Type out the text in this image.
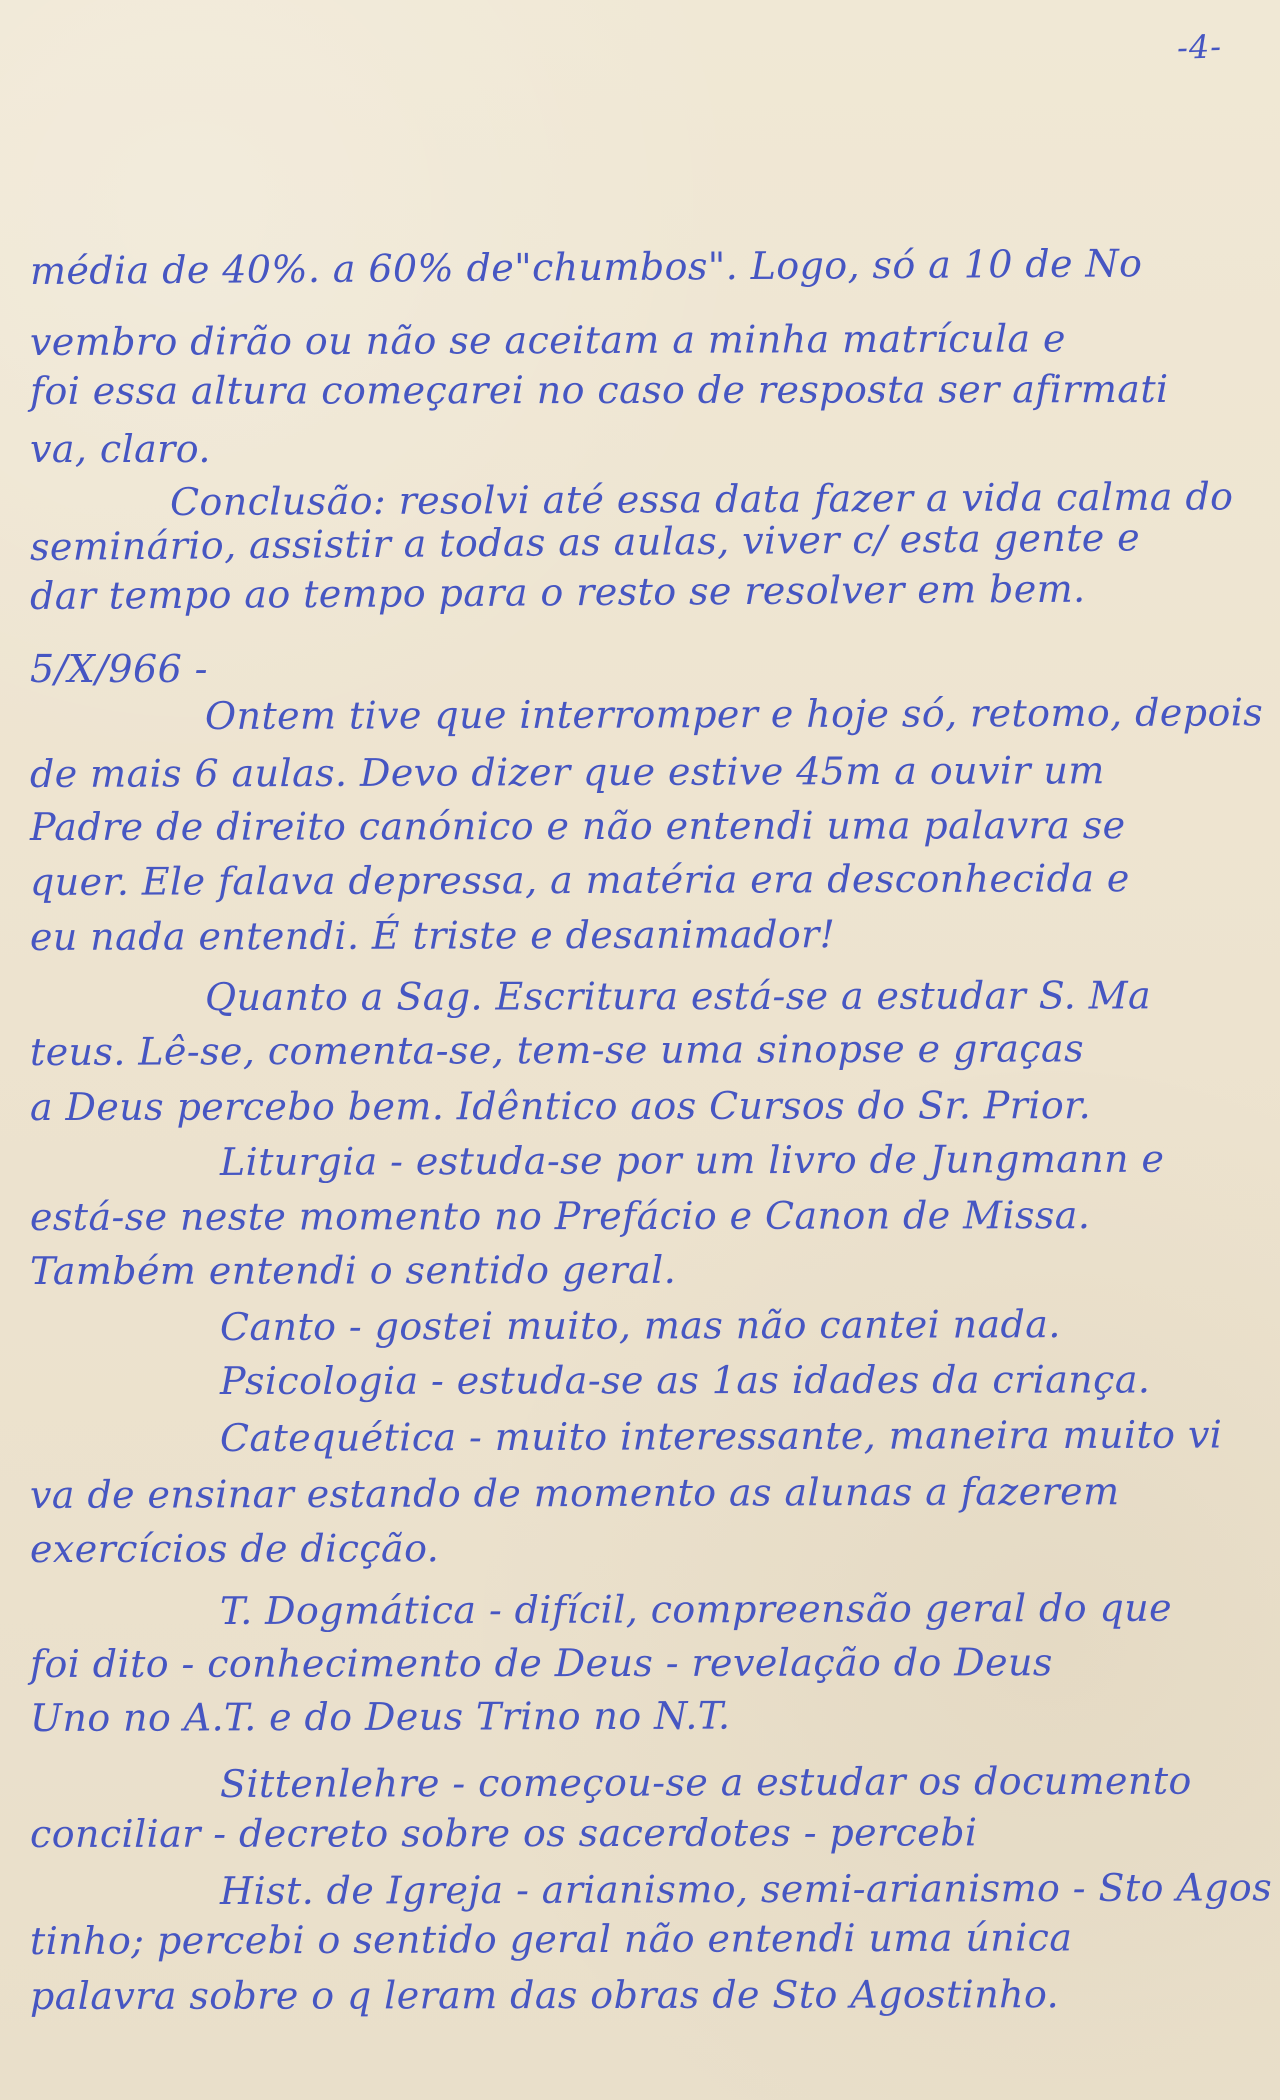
-4-
média de 40%. a 60% de"chumbos". Logo, só a 10 de No
vembro dirão ou não se aceitam a minha matrícula e
foi essa altura começarei no caso de resposta ser afirmati
va, claro.
Conclusão: resolvi até essa data fazer a vida calma do
seminário, assistir a todas as aulas, viver c/ esta gente e
dar tempo ao tempo para o resto se resolver em bem.
5/X/966 -
Ontem tive que interromper e hoje só, retomo, depois
de mais 6 aulas. Devo dizer que estive 45m a ouvir um
Padre de direito canónico e não entendi uma palavra se
quer. Ele falava depressa, a matéria era desconhecida e
eu nada entendi. É triste e desanimador!
Quanto a Sag. Escritura está-se a estudar S. Ma
teus. Lê-se, comenta-se, tem-se uma sinopse e graças
a Deus percebo bem. Idêntico aos Cursos do Sr. Prior.
Liturgia - estuda-se por um livro de Jungmann e
está-se neste momento no Prefácio e Canon de Missa.
Também entendi o sentido geral.
Canto - gostei muito, mas não cantei nada.
Psicologia - estuda-se as 1as idades da criança.
Catequética - muito interessante, maneira muito vi
va de ensinar estando de momento as alunas a fazerem
exercícios de dicção.
T. Dogmática - difícil, compreensão geral do que
foi dito - conhecimento de Deus - revelação do Deus
Uno no A.T. e do Deus Trino no N.T.
Sittenlehre - começou-se a estudar os documento
conciliar - decreto sobre os sacerdotes - percebi
Hist. de Igreja - arianismo, semi-arianismo - Sto Agos
tinho; percebi o sentido geral não entendi uma única
palavra sobre o q leram das obras de Sto Agostinho.
